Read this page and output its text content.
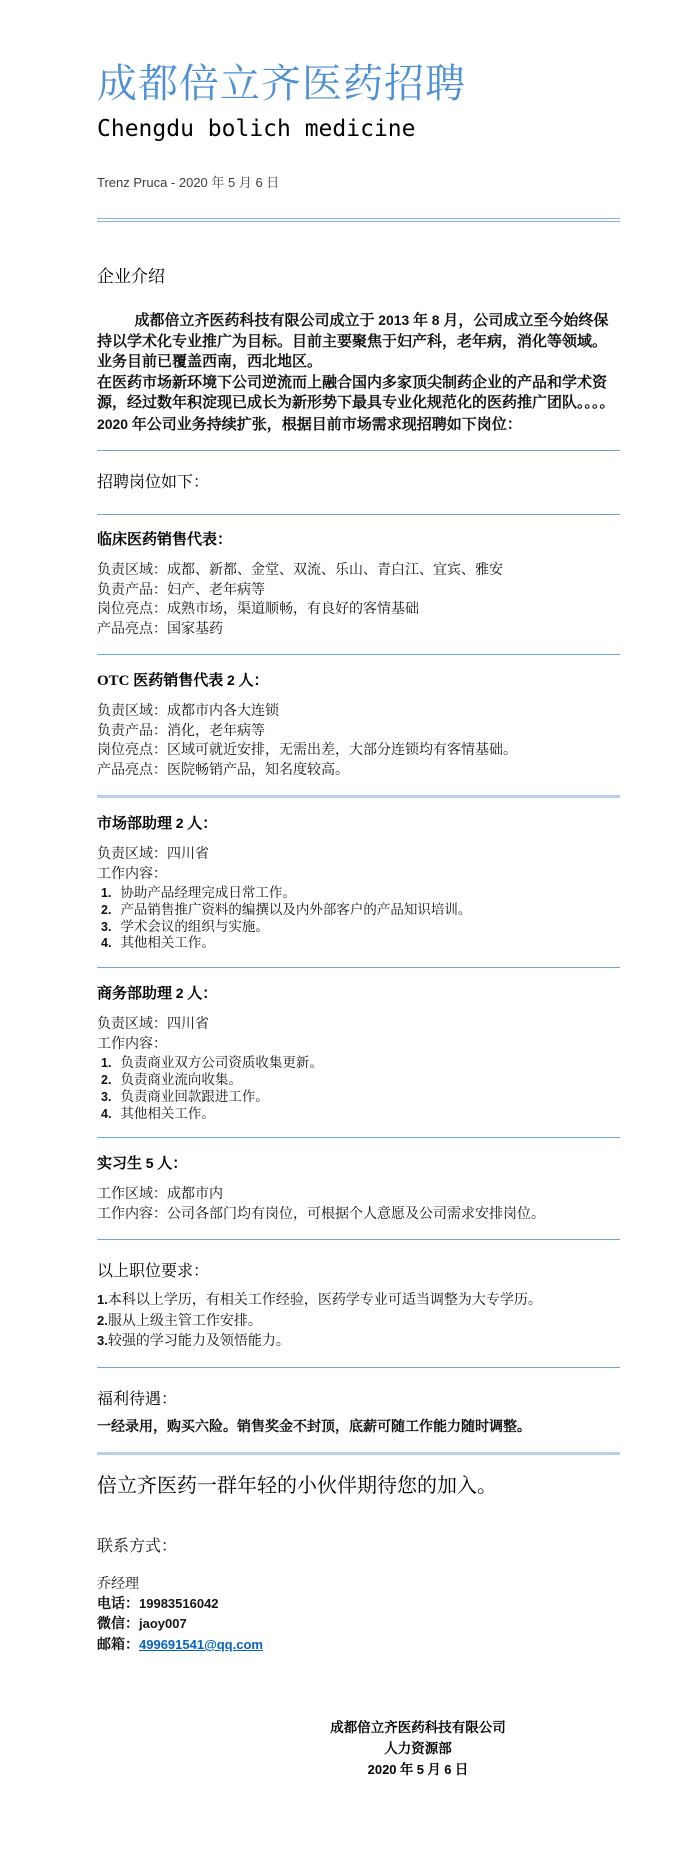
成都倍立齐医药招聘

Chengdu bolich medicine

Trenz Pruca - 2020 年 5 月 6 日

企业介绍

成都倍立齐医药科技有限公司成立于 2013 年 8 月，公司成立至今始终保持以学术化专业推广为目标。目前主要聚焦于妇产科，老年病，消化等领域。业务目前已覆盖西南，西北地区。

在医药市场新环境下公司逆流而上融合国内多家顶尖制药企业的产品和学术资源，经过数年积淀现已成长为新形势下最具专业化规范化的医药推广团队。。。。

2020 年公司业务持续扩张，根据目前市场需求现招聘如下岗位：

招聘岗位如下：
临床医药销售代表：

负责区域：成都、新都、金堂、双流、乐山、青白江、宜宾、雅安

负责产品：妇产、老年病等

岗位亮点：成熟市场，渠道顺畅，有良好的客情基础

产品亮点：国家基药

OTC 医药销售代表 2 人：

负责区域：成都市内各大连锁

负责产品：消化，老年病等

岗位亮点：区域可就近安排，无需出差，大部分连锁均有客情基础。

产品亮点：医院畅销产品，知名度较高。

市场部助理 2 人：

负责区域：四川省

工作内容：

1. 协助产品经理完成日常工作。

2. 产品销售推广资料的编撰以及内外部客户的产品知识培训。

3. 学术会议的组织与实施。

4. 其他相关工作。

商务部助理 2 人：

负责区域：四川省

工作内容：

1. 负责商业双方公司资质收集更新。

2. 负责商业流向收集。

3. 负责商业回款跟进工作。

4. 其他相关工作。

实习生 5 人：

工作区域：成都市内

工作内容：公司各部门均有岗位，可根据个人意愿及公司需求安排岗位。

以上职位要求：

1.本科以上学历，有相关工作经验，医药学专业可适当调整为大专学历。

2.服从上级主管工作安排。

3.较强的学习能力及领悟能力。

福利待遇：

一经录用，购买六险。销售奖金不封顶，底薪可随工作能力随时调整。

倍立齐医药一群年轻的小伙伴期待您的加入。

联系方式：

乔经理

电话：19983516042

微信：jaoy007

邮箱：499691541@qq.com

成都倍立齐医药科技有限公司

人力资源部

2020 年 5 月 6 日
